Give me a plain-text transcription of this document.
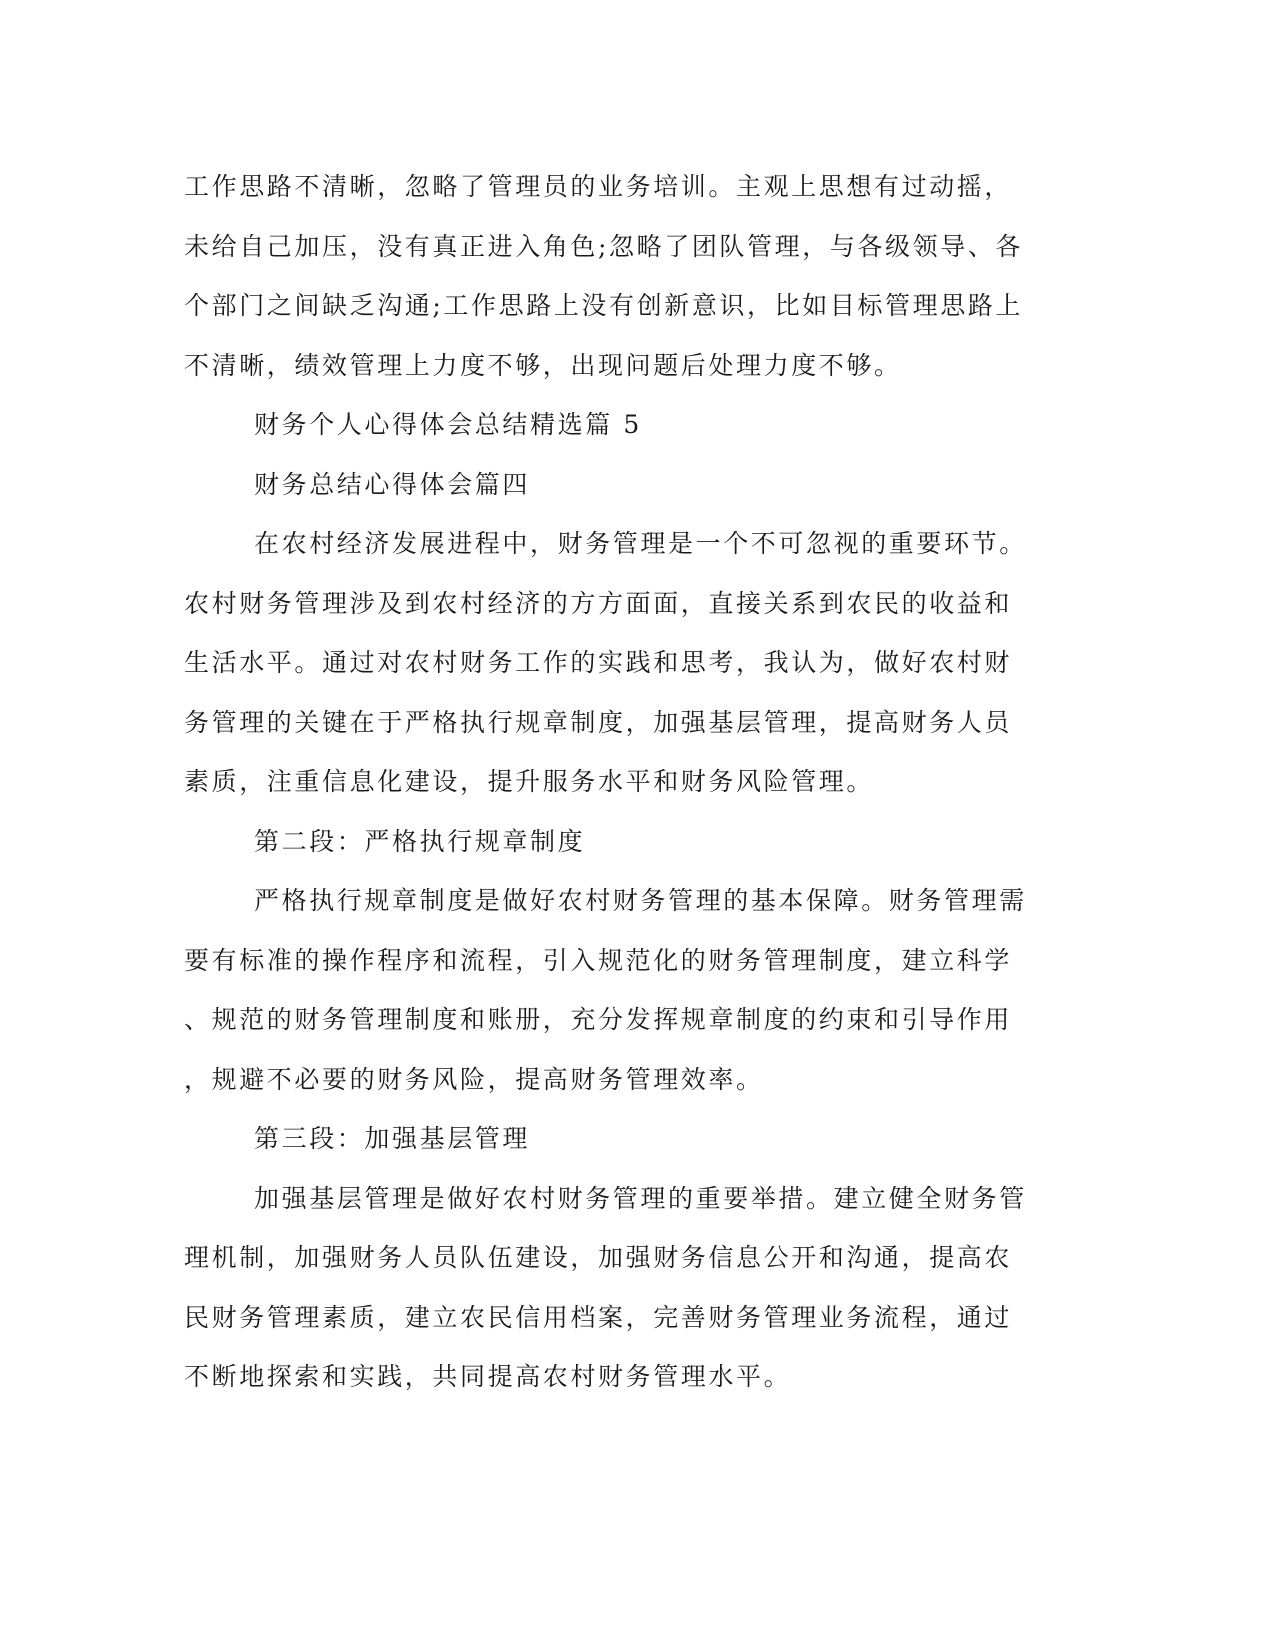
工作思路不清晰，忽略了管理员的业务培训。主观上思想有过动摇，
未给自己加压，没有真正进入角色;忽略了团队管理，与各级领导、各
个部门之间缺乏沟通;工作思路上没有创新意识，比如目标管理思路上
不清晰，绩效管理上力度不够，出现问题后处理力度不够。
财务个人心得体会总结精选篇 5
财务总结心得体会篇四
在农村经济发展进程中，财务管理是一个不可忽视的重要环节。
农村财务管理涉及到农村经济的方方面面，直接关系到农民的收益和
生活水平。通过对农村财务工作的实践和思考，我认为，做好农村财
务管理的关键在于严格执行规章制度，加强基层管理，提高财务人员
素质，注重信息化建设，提升服务水平和财务风险管理。
第二段：严格执行规章制度
严格执行规章制度是做好农村财务管理的基本保障。财务管理需
要有标准的操作程序和流程，引入规范化的财务管理制度，建立科学
、规范的财务管理制度和账册，充分发挥规章制度的约束和引导作用
，规避不必要的财务风险，提高财务管理效率。
第三段：加强基层管理
加强基层管理是做好农村财务管理的重要举措。建立健全财务管
理机制，加强财务人员队伍建设，加强财务信息公开和沟通，提高农
民财务管理素质，建立农民信用档案，完善财务管理业务流程，通过
不断地探索和实践，共同提高农村财务管理水平。
